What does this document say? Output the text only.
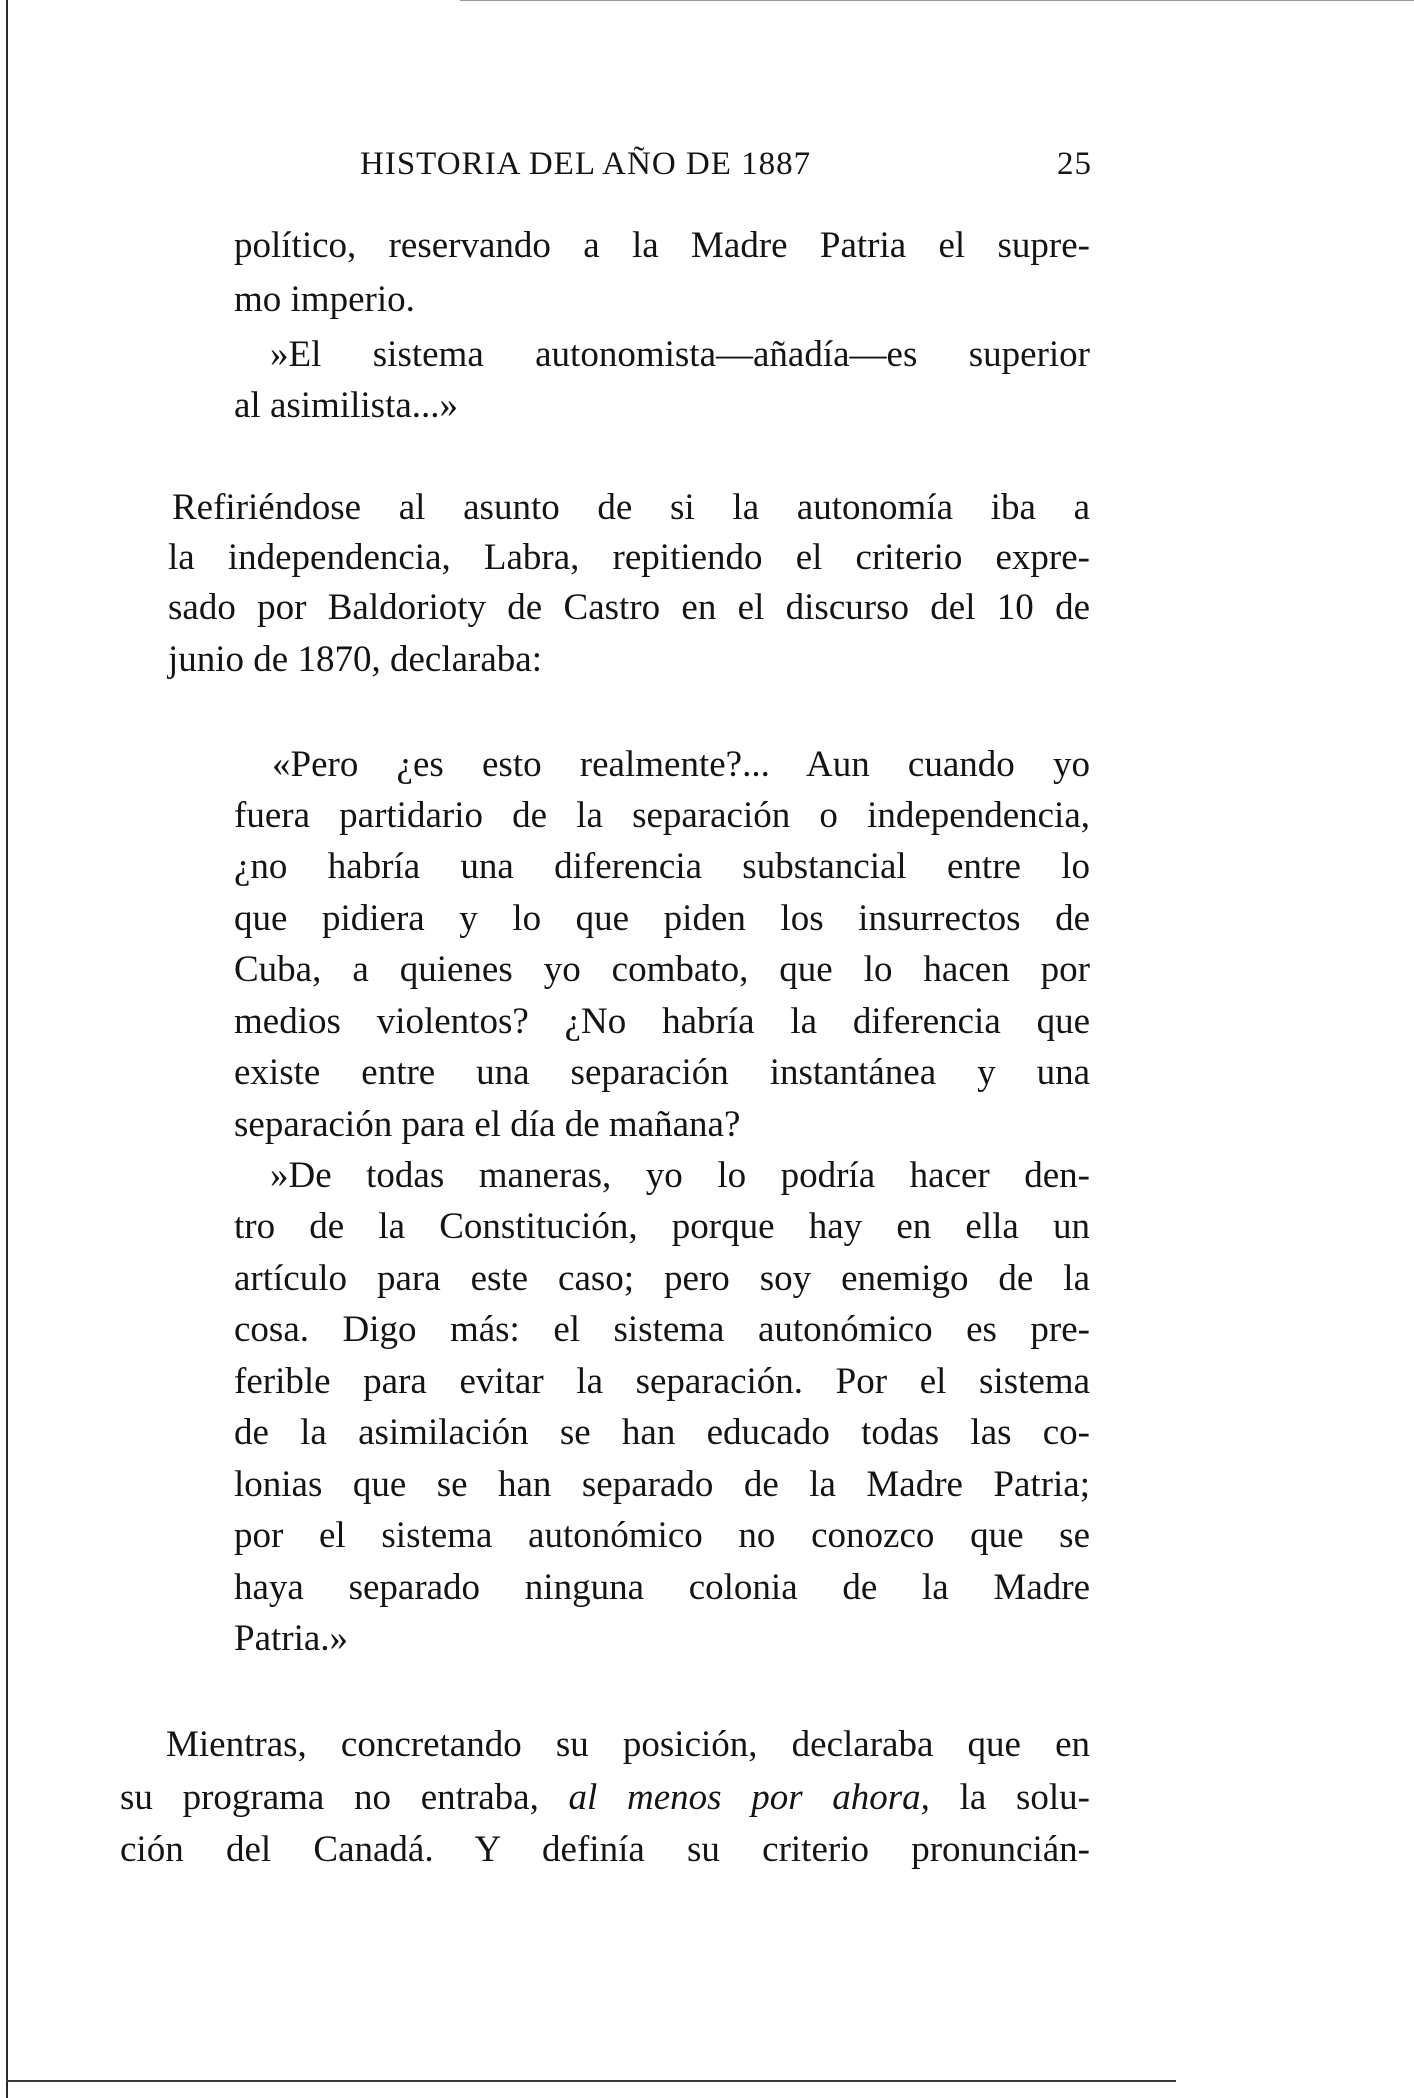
HISTORIA DEL AÑO DE 1887	25
político, reservando a la Madre Patria el supre-
mo imperio.
»El sistema autonomista—añadía—es superior
al asimilista...»
Refiriéndose al asunto de si la autonomía iba a
la independencia, Labra, repitiendo el criterio expre-
sado por Baldorioty de Castro en el discurso del 10 de
junio de 1870, declaraba:
«Pero ¿es esto realmente?... Aun cuando yo
fuera partidario de la separación o independencia,
¿no habría una diferencia substancial entre lo
que pidiera y lo que piden los insurrectos de
Cuba, a quienes yo combato, que lo hacen por
medios violentos? ¿No habría la diferencia que
existe entre una separación instantánea y una
separación para el día de mañana?
»De todas maneras, yo lo podría hacer den-
tro de la Constitución, porque hay en ella un
artículo para este caso; pero soy enemigo de la
cosa. Digo más: el sistema autonómico es pre-
ferible para evitar la separación. Por el sistema
de la asimilación se han educado todas las co-
lonias que se han separado de la Madre Patria;
por el sistema autonómico no conozco que se
haya separado ninguna colonia de la Madre
Patria.»
Mientras, concretando su posición, declaraba que en
su programa no entraba, al menos por ahora, la solu-
ción del Canadá. Y definía su criterio pronuncián-
